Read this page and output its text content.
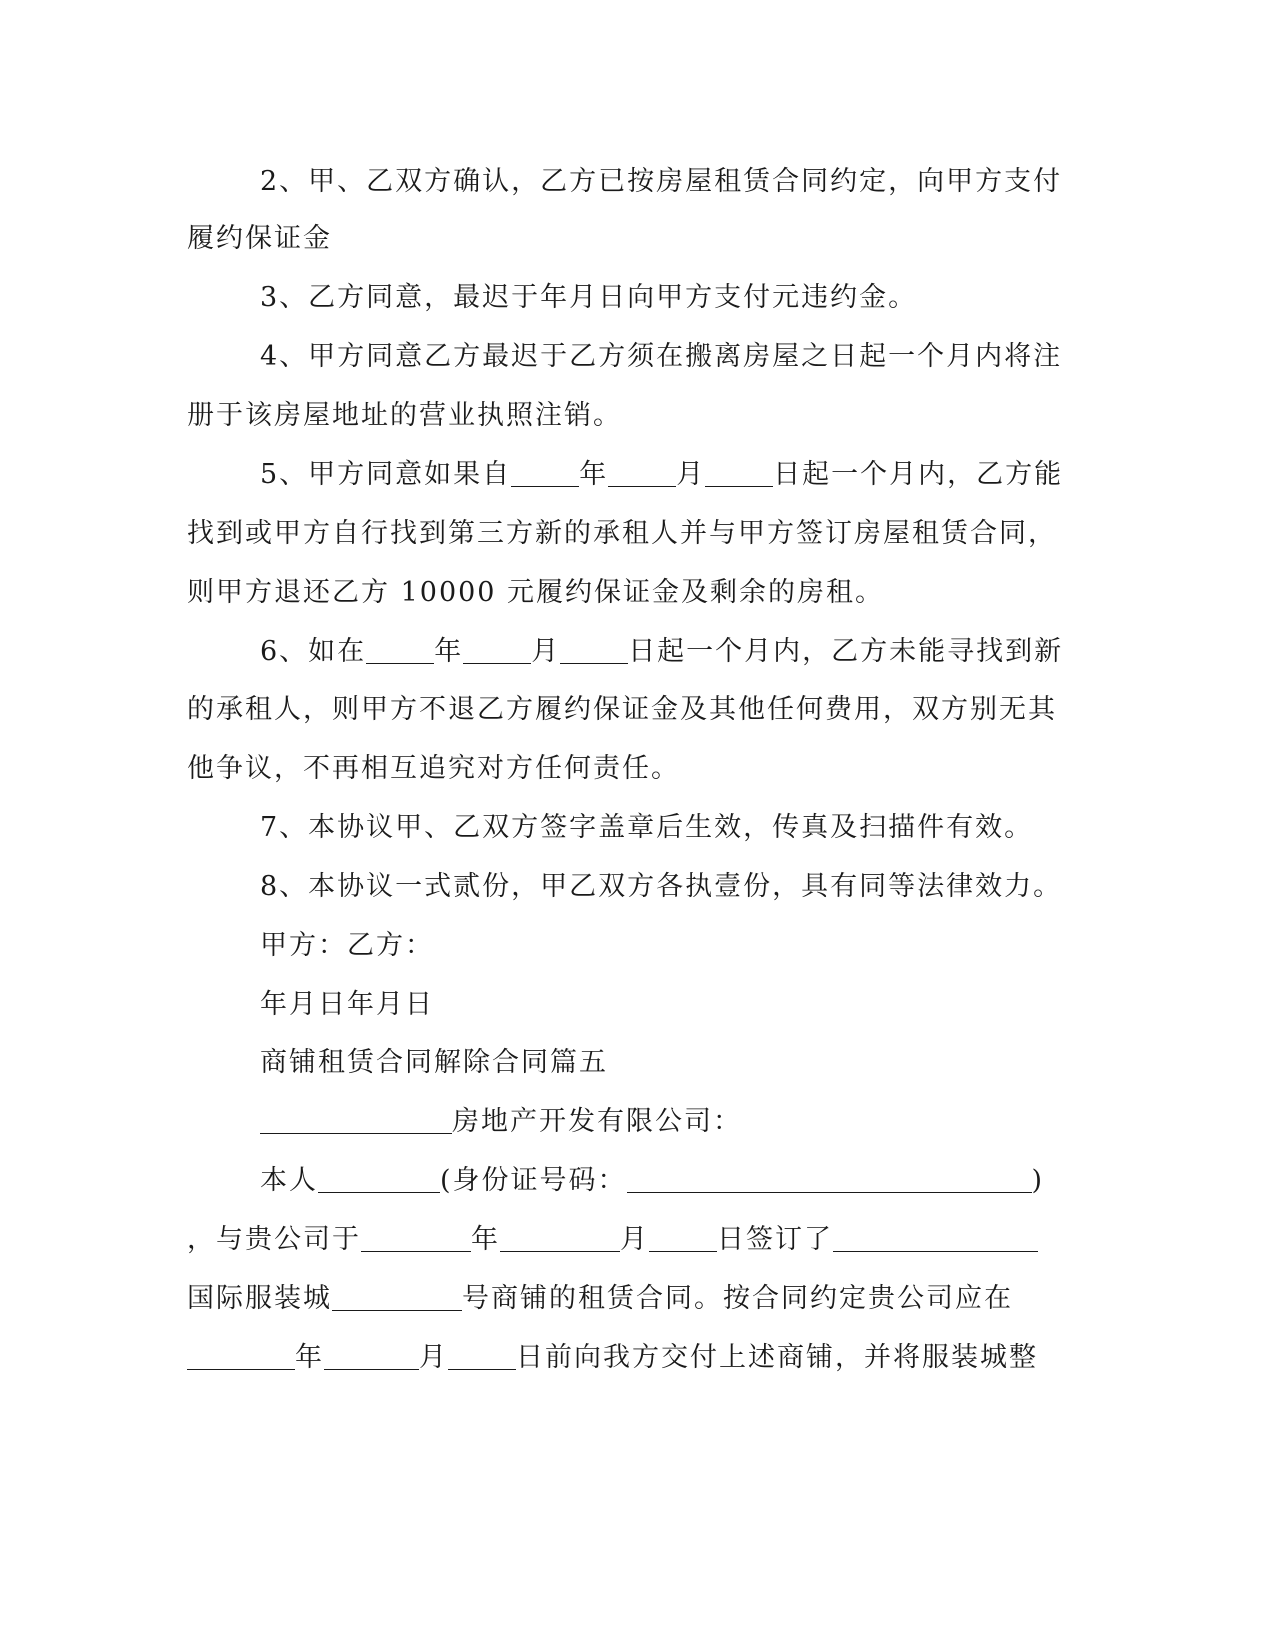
2、甲、乙双方确认，乙方已按房屋租赁合同约定，向甲方支付
履约保证金
3、乙方同意，最迟于年月日向甲方支付元违约金。
4、甲方同意乙方最迟于乙方须在搬离房屋之日起一个月内将注
册于该房屋地址的营业执照注销。
5、甲方同意如果自	年	月	日起一个月内，乙方能
找到或甲方自行找到第三方新的承租人并与甲方签订房屋租赁合同，
则甲方退还乙方 10000 元履约保证金及剩余的房租。
6、如在	年	月	日起一个月内，乙方未能寻找到新
的承租人，则甲方不退乙方履约保证金及其他任何费用，双方别无其
他争议，不再相互追究对方任何责任。
7、本协议甲、乙双方签字盖章后生效，传真及扫描件有效。
8、本协议一式贰份，甲乙双方各执壹份，具有同等法律效力。
甲方：乙方：
年月日年月日
商铺租赁合同解除合同篇五
房地产开发有限公司：
本人	(身份证号码：	)
，与贵公司于	年	月	日签订了
国际服装城	号商铺的租赁合同。按合同约定贵公司应在
年	月	日前向我方交付上述商铺，并将服装城整
